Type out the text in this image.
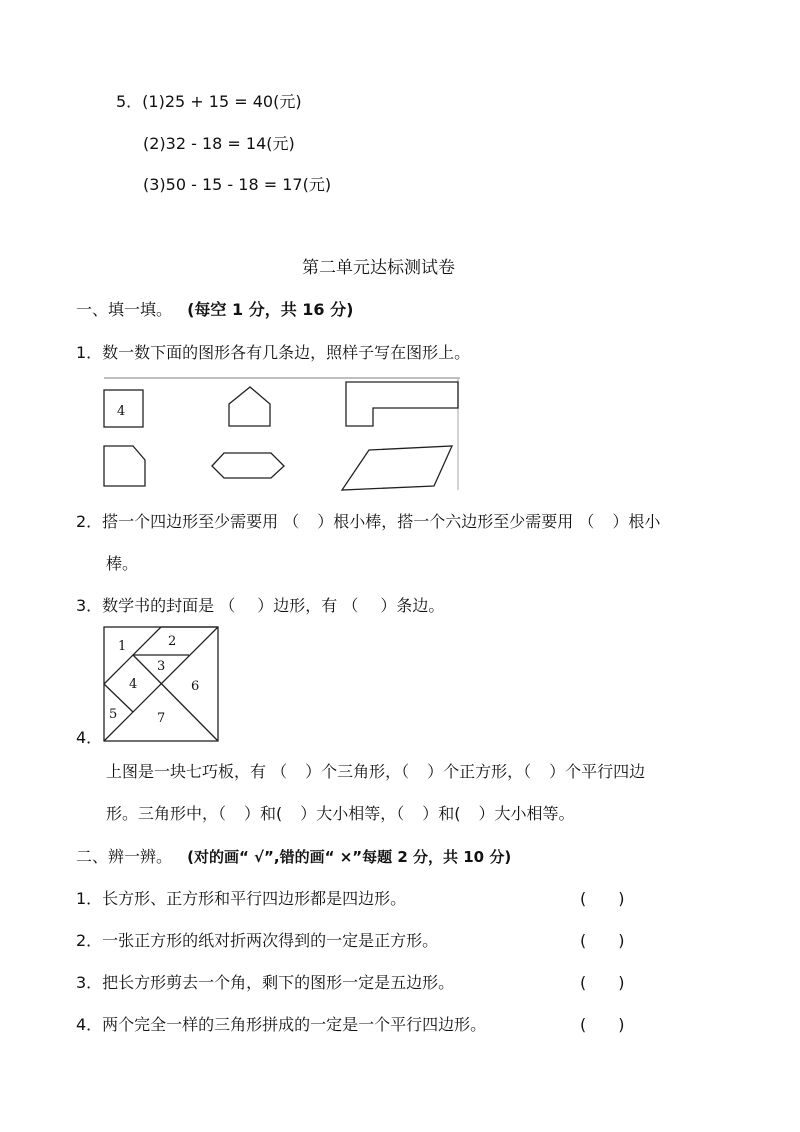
5．(1)25 + 15 = 40(元)
(2)32 - 18 = 14(元)
(3)50 - 15 - 18 = 17(元)
第二单元达标测试卷
一、填一填。 (每空 1 分，共 16 分)
1．数一数下面的图形各有几条边，照样子写在图形上。
4
2．搭一个四边形至少需要用 （ ）根小棒，搭一个六边形至少需要用 （ ）根小
棒。
3．数学书的封面是 （ ）边形，有 （ ）条边。
1	2
3
4
5
6
7
4．
上图是一块七巧板，有 （ ）个三角形，（ ）个正方形，（ ）个平行四边
形。三角形中，（ ）和( ）大小相等，（ ）和( ）大小相等。
二、辨一辨。 (对的画“ √”,错的画“ ×”每题 2 分，共 10 分)
1．长方形、正方形和平行四边形都是四边形。	(　　)
2．一张正方形的纸对折两次得到的一定是正方形。	(　　)
3．把长方形剪去一个角，剩下的图形一定是五边形。	(　　)
4．两个完全一样的三角形拼成的一定是一个平行四边形。	(　　)
